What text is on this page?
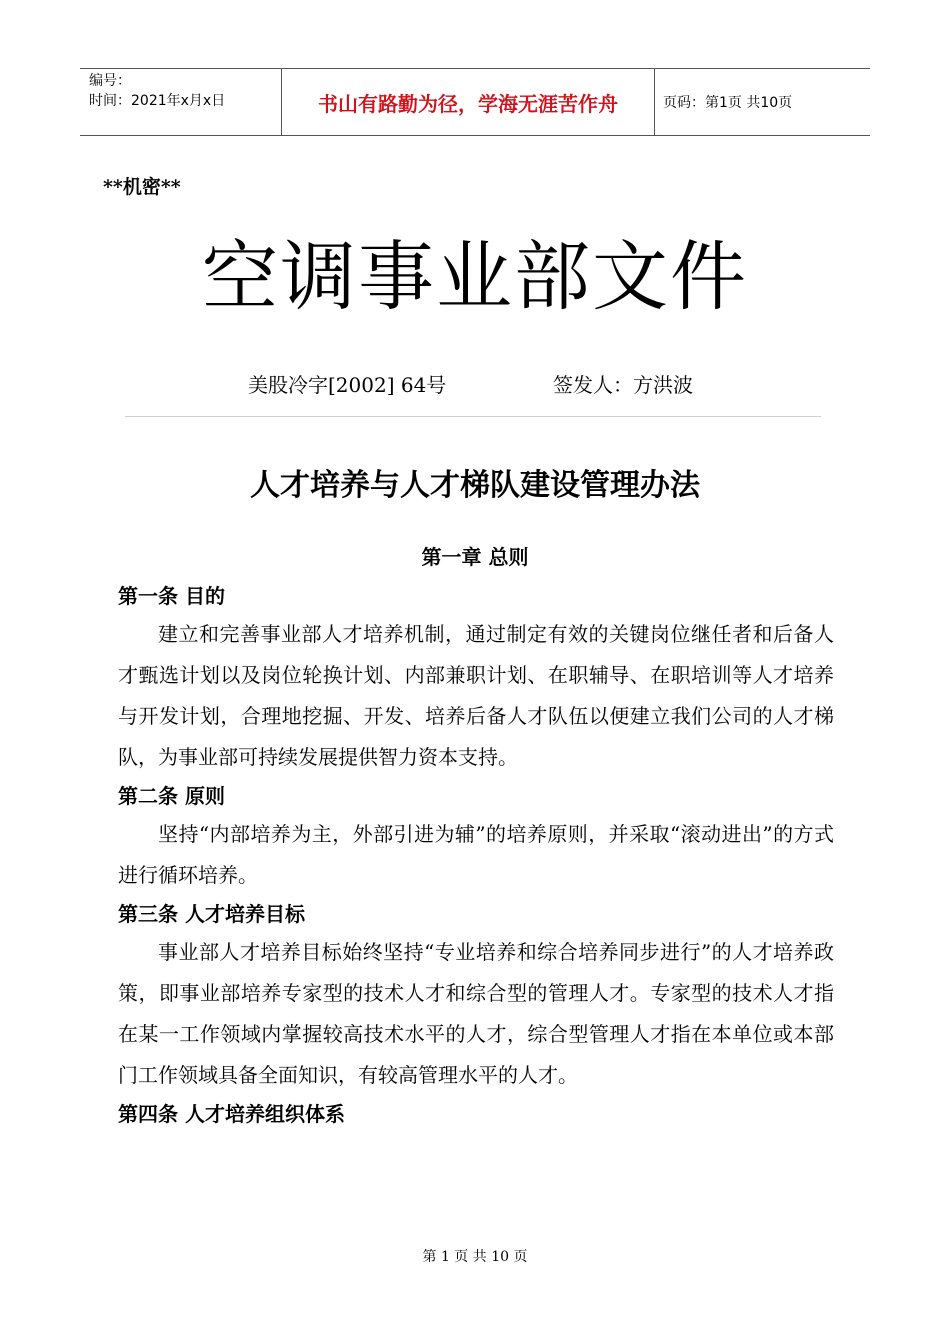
编号：
时间：2021年x月x日	书山有路勤为径，学海无涯苦作舟	页码：第1页 共10页
**机密**
空调事业部文件
美股冷字[2002] 64号	签发人：方洪波
人才培养与人才梯队建设管理办法
第一章 总则
第一条 目的

建立和完善事业部人才培养机制，通过制定有效的关键岗位继任者和后备人才甄选计划以及岗位轮换计划、内部兼职计划、在职辅导、在职培训等人才培养与开发计划，合理地挖掘、开发、培养后备人才队伍以便建立我们公司的人才梯队，为事业部可持续发展提供智力资本支持。

第二条 原则

坚持“内部培养为主，外部引进为辅”的培养原则，并采取“滚动进出”的方式进行循环培养。

第三条 人才培养目标

事业部人才培养目标始终坚持“专业培养和综合培养同步进行”的人才培养政策，即事业部培养专家型的技术人才和综合型的管理人才。专家型的技术人才指在某一工作领域内掌握较高技术水平的人才，综合型管理人才指在本单位或本部门工作领域具备全面知识，有较高管理水平的人才。

第四条 人才培养组织体系
第 1 页 共 10 页
